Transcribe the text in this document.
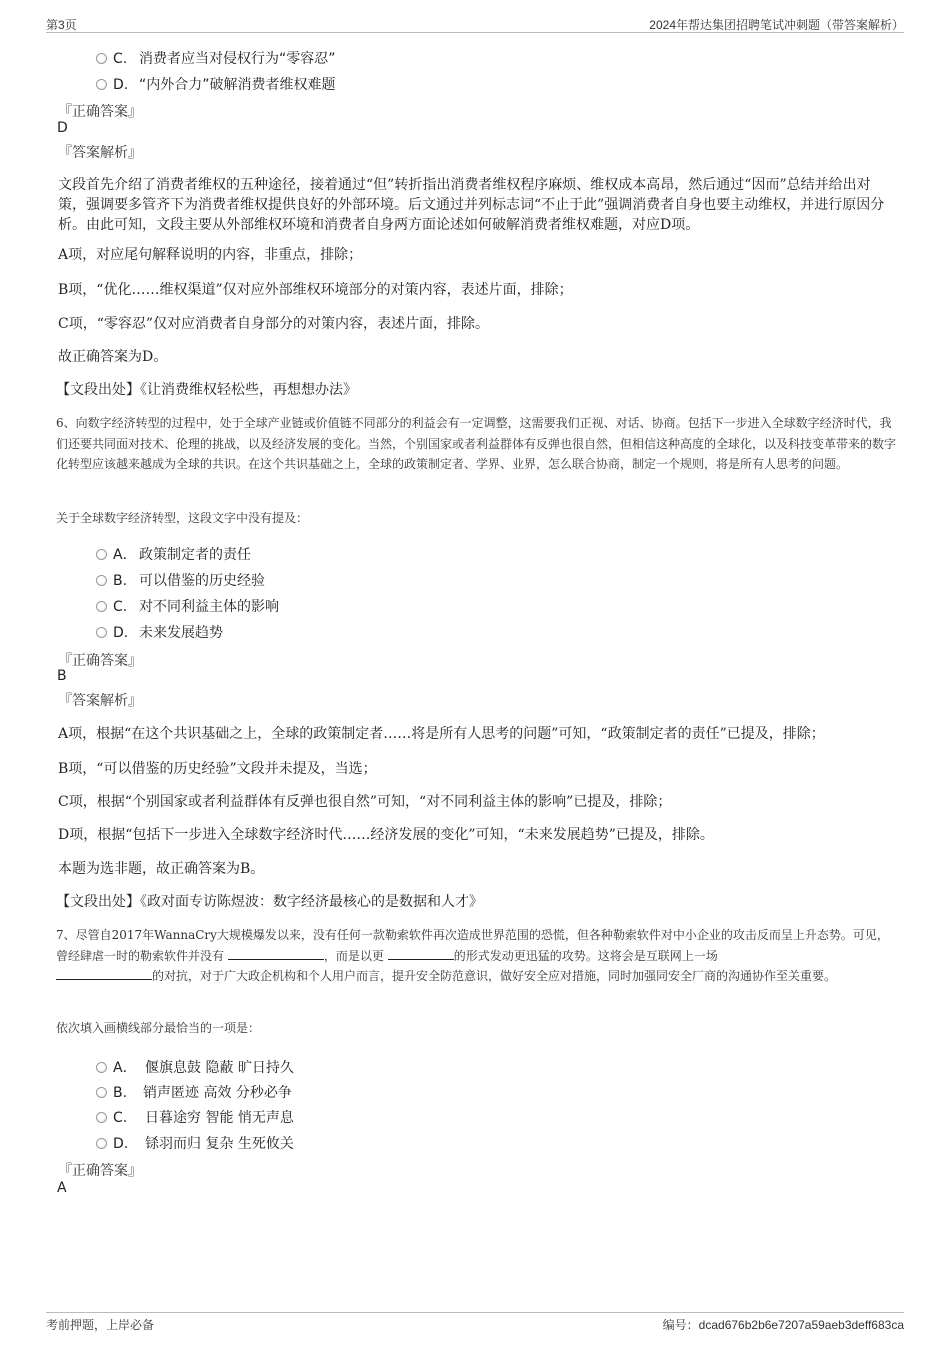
第3页	2024年帮达集团招聘笔试冲刺题（带答案解析）
C. 消费者应当对侵权行为“零容忍”
D. “内外合力”破解消费者维权难题
『正确答案』
D
『答案解析』
文段首先介绍了消费者维权的五种途径，接着通过“但”转折指出消费者维权程序麻烦、维权成本高昂，然后通过“因而”总结并给出对策，强调要多管齐下为消费者维权提供良好的外部环境。后文通过并列标志词“不止于此”强调消费者自身也要主动维权，并进行原因分析。由此可知，文段主要从外部维权环境和消费者自身两方面论述如何破解消费者维权难题，对应D项。
A项，对应尾句解释说明的内容，非重点，排除；
B项，“优化……维权渠道”仅对应外部维权环境部分的对策内容，表述片面，排除；
C项，“零容忍”仅对应消费者自身部分的对策内容，表述片面，排除。
故正确答案为D。
【文段出处】《让消费维权轻松些，再想想办法》
6、向数字经济转型的过程中，处于全球产业链或价值链不同部分的利益会有一定调整，这需要我们正视、对话、协商。包括下一步进入全球数字经济时代，我们还要共同面对技术、伦理的挑战，以及经济发展的变化。当然，个别国家或者利益群体有反弹也很自然，但相信这种高度的全球化，以及科技变革带来的数字化转型应该越来越成为全球的共识。在这个共识基础之上，全球的政策制定者、学界、业界，怎么联合协商，制定一个规则，将是所有人思考的问题。
关于全球数字经济转型，这段文字中没有提及：
A． 政策制定者的责任
B. 可以借鉴的历史经验
C. 对不同利益主体的影响
D. 未来发展趋势
『正确答案』
B
『答案解析』
A项，根据“在这个共识基础之上，全球的政策制定者……将是所有人思考的问题”可知，“政策制定者的责任”已提及，排除；
B项，“可以借鉴的历史经验”文段并未提及，当选；
C项，根据“个别国家或者利益群体有反弹也很自然”可知，“对不同利益主体的影响”已提及，排除；
D项，根据“包括下一步进入全球数字经济时代……经济发展的变化”可知，“未来发展趋势”已提及，排除。
本题为选非题，故正确答案为B。
【文段出处】《政对面专访陈煜波：数字经济最核心的是数据和人才》
7、尽管自2017年WannaCry大规模爆发以来，没有任何一款勒索软件再次造成世界范围的恐慌，但各种勒索软件对中小企业的攻击反而呈上升态势。可见，曾经肆虐一时的勒索软件并没有	，而是以更	的形式发动更迅猛的攻势。这将会是互联网上一场
的对抗，对于广大政企机构和个人用户而言，提升安全防范意识，做好安全应对措施，同时加强同安全厂商的沟通协作至关重要。
依次填入画横线部分最恰当的一项是：
A． 偃旗息鼓 隐蔽 旷日持久
B. 销声匿迹 高效 分秒必争
C. 日暮途穷 智能 悄无声息
D. 铩羽而归 复杂 生死攸关
『正确答案』
A
考前押题，上岸必备	编号：dcad676b2b6e7207a59aeb3deff683ca
